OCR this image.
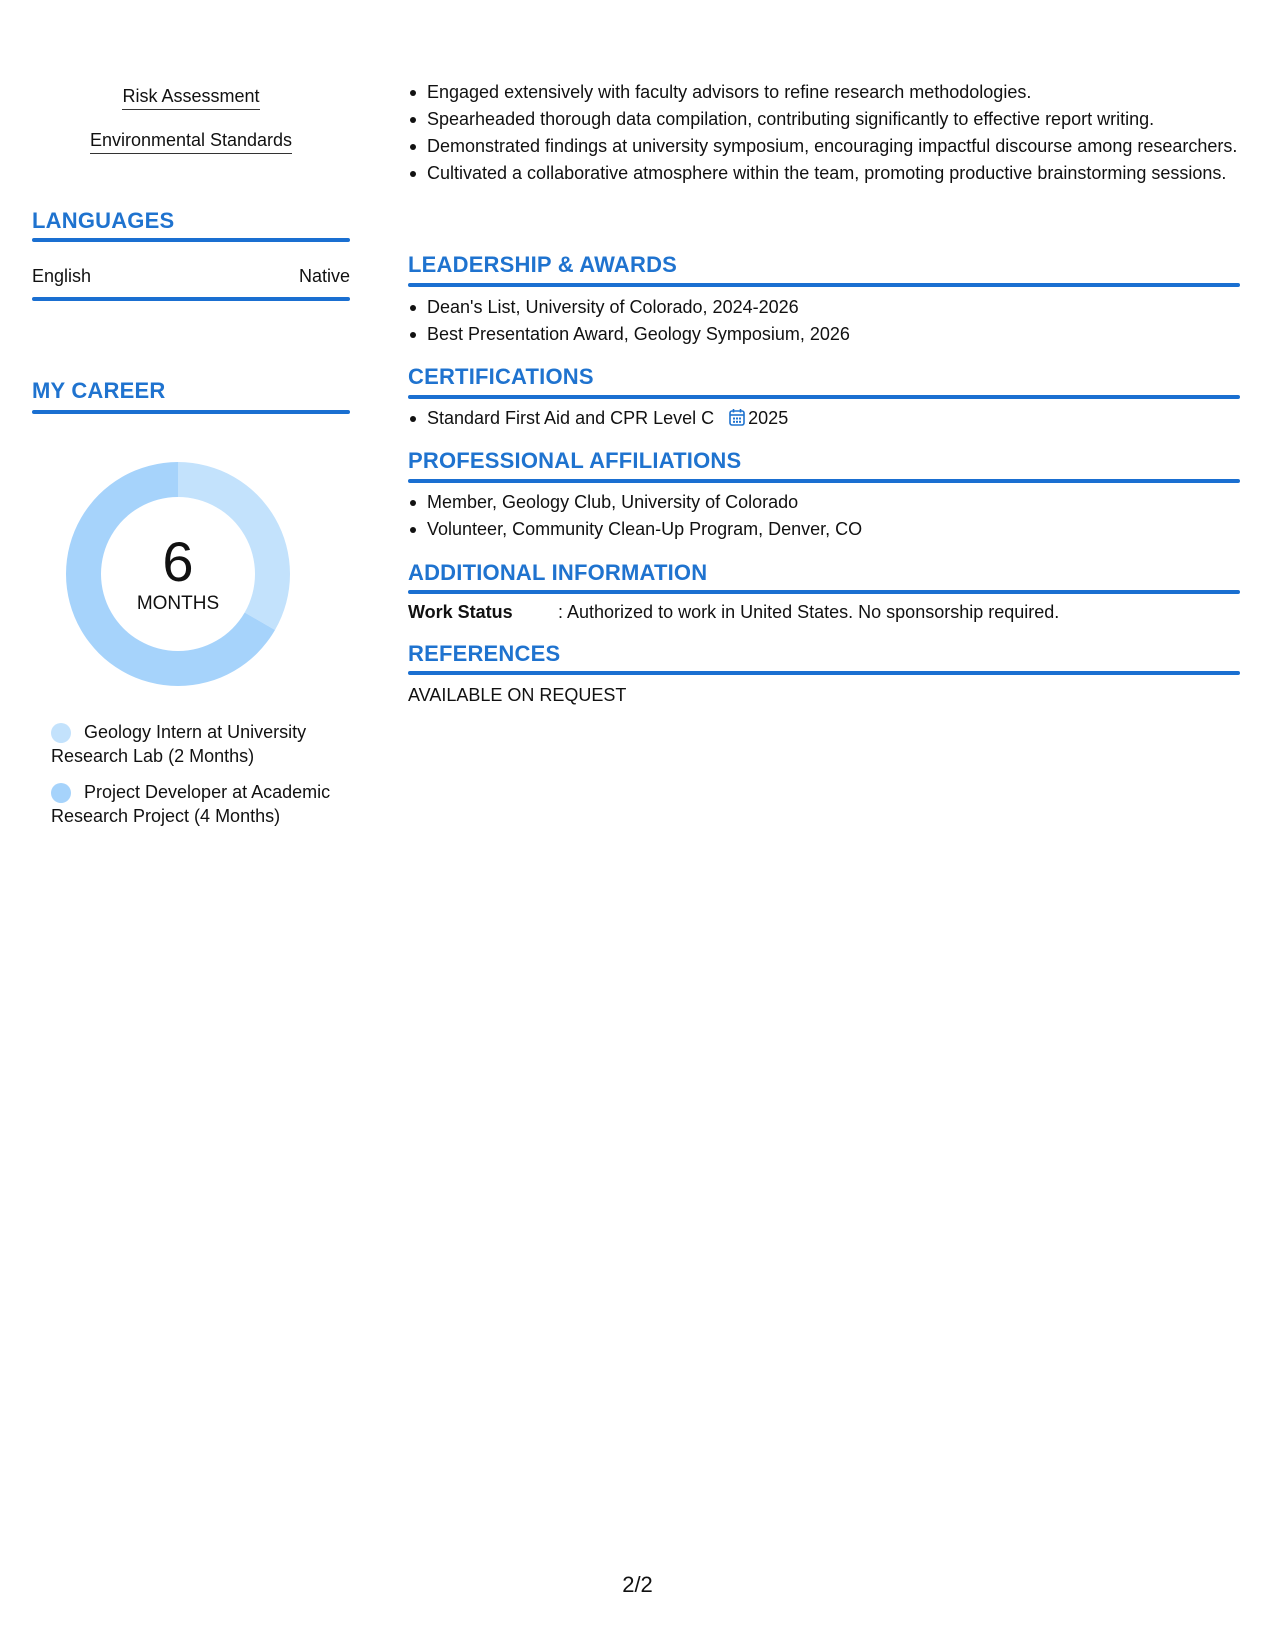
Risk Assessment
Environmental Standards
LANGUAGES
English	Native
MY CAREER
6
MONTHS
Geology Intern at University Research Lab (2 Months)
Project Developer at Academic Research Project (4 Months)
Engaged extensively with faculty advisors to refine research methodologies.
Spearheaded thorough data compilation, contributing significantly to effective report writing.
Demonstrated findings at university symposium, encouraging impactful discourse among researchers.
Cultivated a collaborative atmosphere within the team, promoting productive brainstorming sessions.
LEADERSHIP & AWARDS
Dean's List, University of Colorado, 2024-2026
Best Presentation Award, Geology Symposium, 2026
CERTIFICATIONS
Standard First Aid and CPR Level C 2025
PROFESSIONAL AFFILIATIONS
Member, Geology Club, University of Colorado
Volunteer, Community Clean-Up Program, Denver, CO
ADDITIONAL INFORMATION
Work Status	: Authorized to work in United States. No sponsorship required.
REFERENCES
AVAILABLE ON REQUEST
2/2
